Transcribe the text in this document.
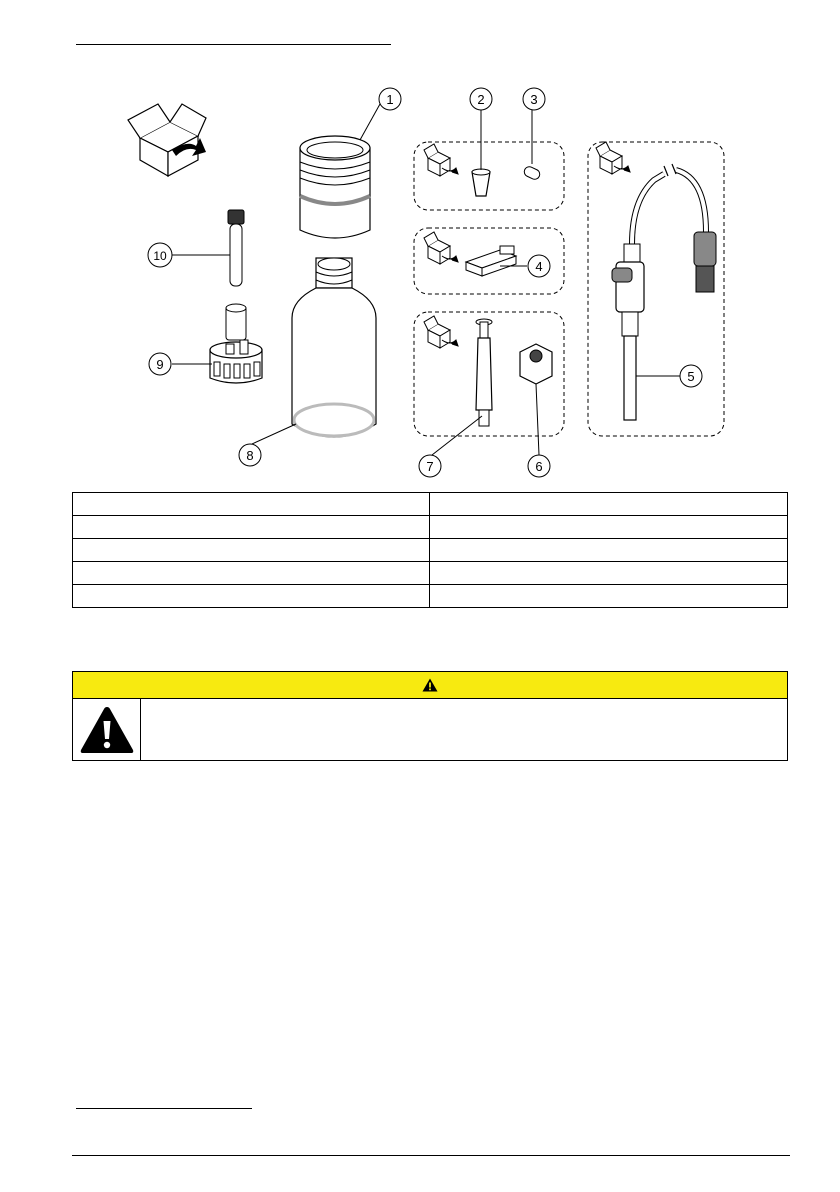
1	2	3
4
5
6
7
8
9
10
